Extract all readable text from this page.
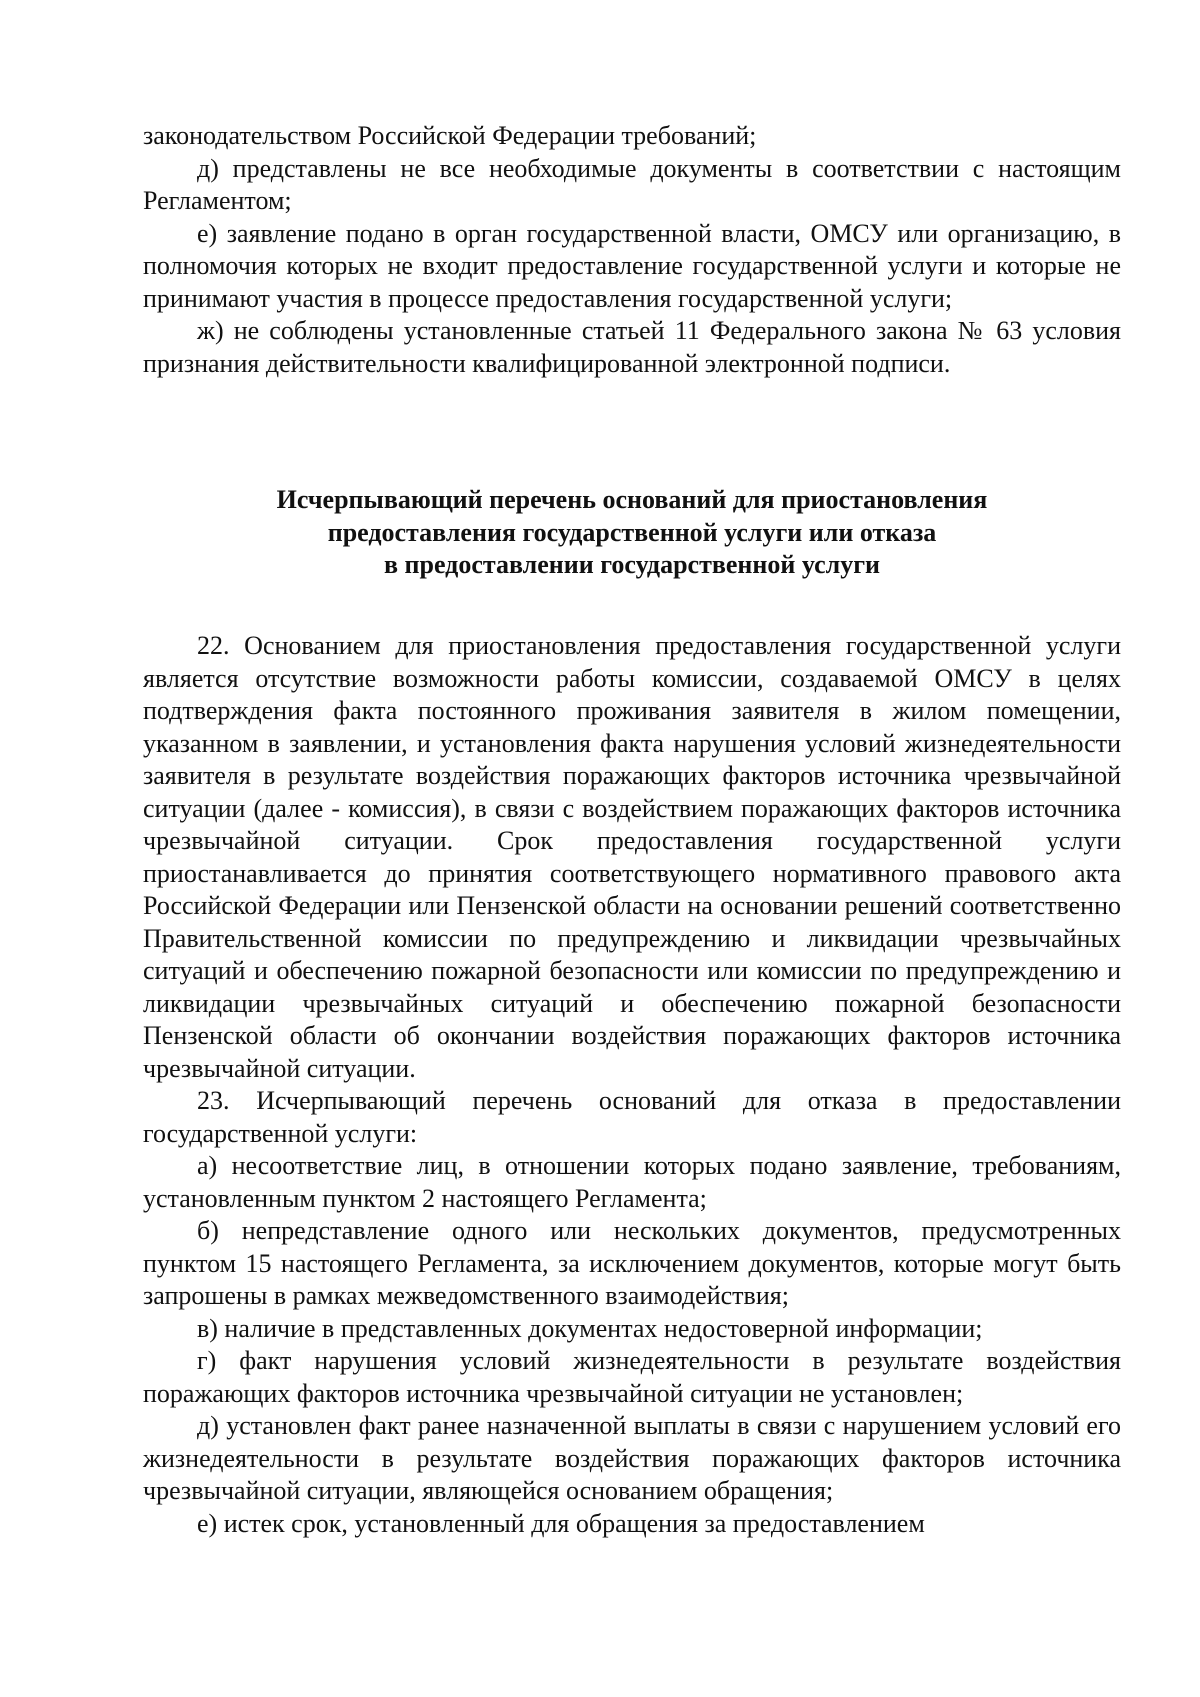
законодательством Российской Федерации требований;

д) представлены не все необходимые документы в соответствии с настоящим Регламентом;

е) заявление подано в орган государственной власти, ОМСУ или организацию, в полномочия которых не входит предоставление государственной услуги и которые не принимают участия в процессе предоставления государственной услуги;

ж) не соблюдены установленные статьей 11 Федерального закона № 63 условия признания действительности квалифицированной электронной подписи.

Исчерпывающий перечень оснований для приостановления
предоставления государственной услуги или отказа
в предоставлении государственной услуги

22. Основанием для приостановления предоставления государственной услуги является отсутствие возможности работы комиссии, создаваемой ОМСУ в целях подтверждения факта постоянного проживания заявителя в жилом помещении, указанном в заявлении, и установления факта нарушения условий жизнедеятельности заявителя в результате воздействия поражающих факторов источника чрезвычайной ситуации (далее - комиссия), в связи с воздействием поражающих факторов источника чрезвычайной ситуации. Срок предоставления государственной услуги приостанавливается до принятия соответствующего нормативного правового акта Российской Федерации или Пензенской области на основании решений соответственно Правительственной комиссии по предупреждению и ликвидации чрезвычайных ситуаций и обеспечению пожарной безопасности или комиссии по предупреждению и ликвидации чрезвычайных ситуаций и обеспечению пожарной безопасности Пензенской области об окончании воздействия поражающих факторов источника чрезвычайной ситуации.

23. Исчерпывающий перечень оснований для отказа в предоставлении государственной услуги:

а) несоответствие лиц, в отношении которых подано заявление, требованиям, установленным пунктом 2 настоящего Регламента;

б) непредставление одного или нескольких документов, предусмотренных пунктом 15 настоящего Регламента, за исключением документов, которые могут быть запрошены в рамках межведомственного взаимодействия;

в) наличие в представленных документах недостоверной информации;

г) факт нарушения условий жизнедеятельности в результате воздействия поражающих факторов источника чрезвычайной ситуации не установлен;

д) установлен факт ранее назначенной выплаты в связи с нарушением условий его жизнедеятельности в результате воздействия поражающих факторов источника чрезвычайной ситуации, являющейся основанием обращения;

е) истек срок, установленный для обращения за предоставлением
